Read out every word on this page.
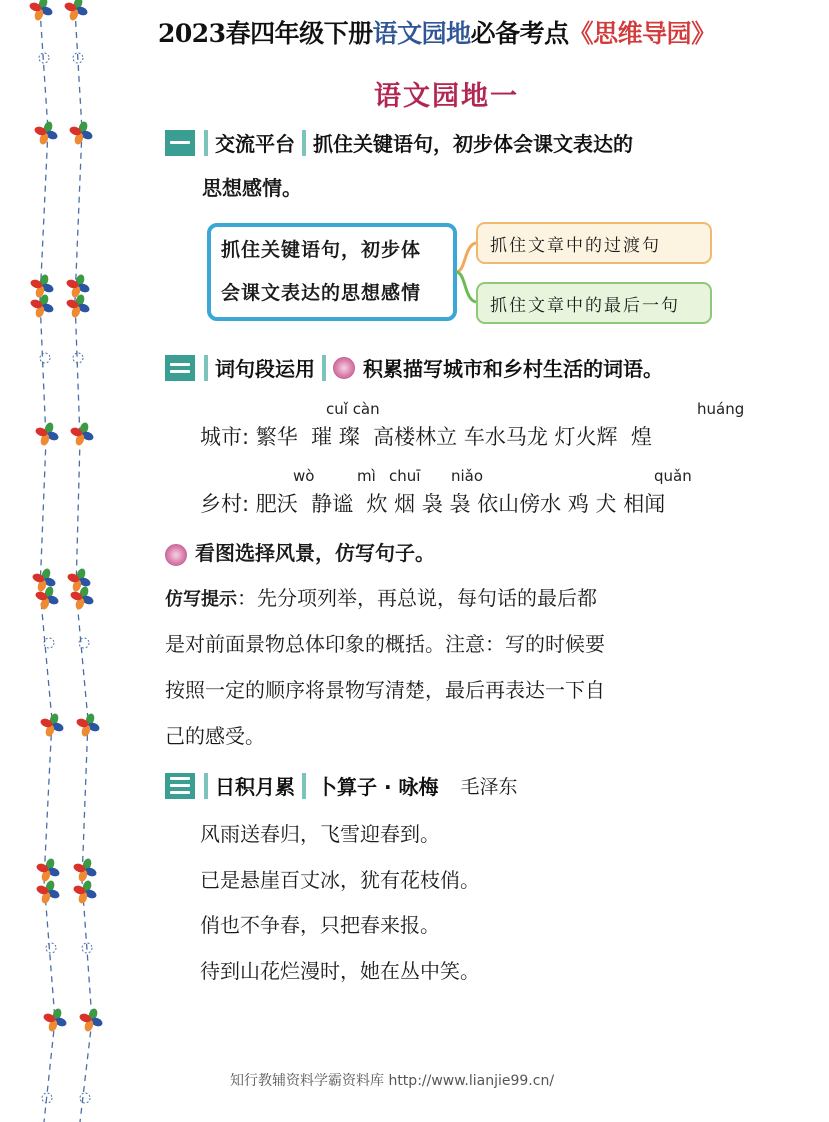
2023春四年级下册语文园地必备考点《思维导园》
语文园地一
交流平台 抓住关键语句，初步体会课文表达的
思想感情。
抓住关键语句，初步体
会课文表达的思想感情
抓住文章中的过渡句
抓住文章中的最后一句
词句段运用 积累描写城市和乡村生活的词语。
cuǐ càn	huáng
城市: 繁华  璀 璨  高楼林立 车水马龙 灯火辉  煌
wò	mì chuī niǎo	quǎn
乡村: 肥沃  静谧  炊 烟 袅 袅 依山傍水 鸡 犬 相闻
看图选择风景，仿写句子。
仿写提示：先分项列举，再总说，每句话的最后都
是对前面景物总体印象的概括。注意：写的时候要
按照一定的顺序将景物写清楚，最后再表达一下自
己的感受。
日积月累 卜算子 · 咏梅 毛泽东
风雨送春归，飞雪迎春到。
已是悬崖百丈冰，犹有花枝俏。
俏也不争春，只把春来报。
待到山花烂漫时，她在丛中笑。
知行教辅资料学霸资料库 http://www.lianjie99.cn/
